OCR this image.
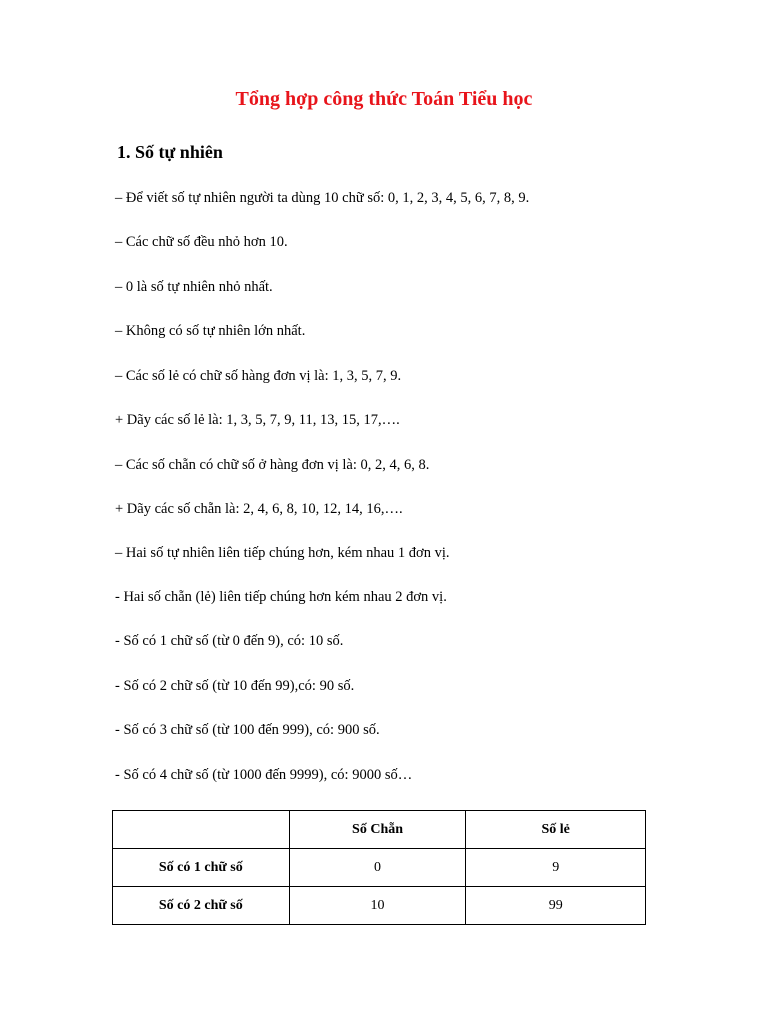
Tổng hợp công thức Toán Tiểu học
1. Số tự nhiên
– Để viết số tự nhiên người ta dùng 10 chữ số: 0, 1, 2, 3, 4, 5, 6, 7, 8, 9.
– Các chữ số đều nhỏ hơn 10.
– 0 là số tự nhiên nhỏ nhất.
– Không có số tự nhiên lớn nhất.
– Các số lẻ có chữ số hàng đơn vị là: 1, 3, 5, 7, 9.
+ Dãy các số lẻ là: 1, 3, 5, 7, 9, 11, 13, 15, 17,….
– Các số chẵn có chữ số ở hàng đơn vị là: 0, 2, 4, 6, 8.
+ Dãy các số chẵn là: 2, 4, 6, 8, 10, 12, 14, 16,….
– Hai số tự nhiên liên tiếp chúng hơn, kém nhau 1 đơn vị.
- Hai số chẵn (lẻ) liên tiếp chúng hơn kém nhau 2 đơn vị.
- Số có 1 chữ số (từ 0 đến 9), có: 10 số.
- Số có 2 chữ số (từ 10 đến 99),có: 90 số.
- Số có 3 chữ số (từ 100 đến 999), có: 900 số.
- Số có 4 chữ số (từ 1000 đến 9999), có: 9000 số…
	Số Chẵn	Số lẻ
Số có 1 chữ số	0	9
Số có 2 chữ số	10	99
